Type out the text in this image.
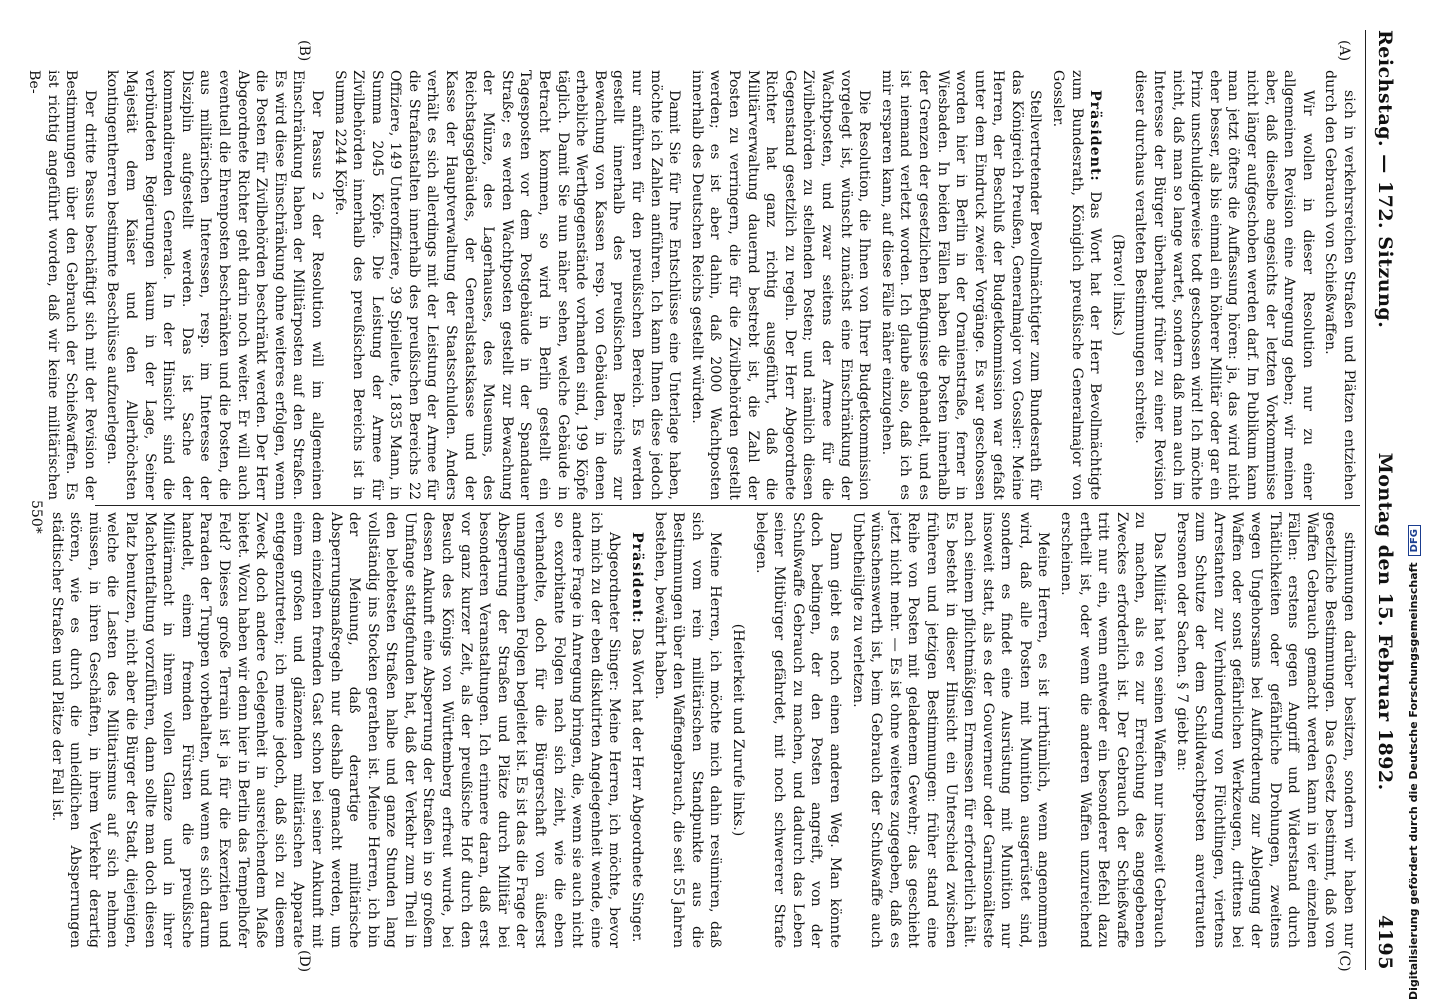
Reichstag. — 172. Sitzung.
Montag den 15. Februar 1892.
4195
(A)
(B)
(C)
(D)

sich in verkehrsreichen Straßen und Plätzen entziehen durch den Gebrauch von Schießwaffen.

Wir wollen in dieser Resolution nur zu einer allgemeinen Revision eine Anregung geben; wir meinen aber, daß dieselbe angesichts der letzten Vorkommnisse nicht länger aufgeschoben werden darf. Im Publikum kann man jetzt öfters die Auffassung hören: ja, das wird nicht eher besser, als bis einmal ein höherer Militär oder gar ein Prinz unschuldigerweise todt geschossen wird! Ich möchte nicht, daß man so lange wartet, sondern daß man auch im Interesse der Bürger überhaupt früher zu einer Revision dieser durchaus veralteten Bestimmungen schreite.

(Bravo! links.)

Präsident: Das Wort hat der Herr Bevollmächtigte zum Bundesrath, Königlich preußische Generalmajor von Gossler.

Stellvertretender Bevollmächtigter zum Bundesrath für das Königreich Preußen, Generalmajor von Gossler: Meine Herren, der Beschluß der Budgetkommission war gefaßt unter dem Eindruck zweier Vorgänge. Es war geschossen worden hier in Berlin in der Oranienstraße, ferner in Wiesbaden. In beiden Fällen haben die Posten innerhalb der Grenzen der gesetzlichen Befugnisse gehandelt, und es ist niemand verletzt worden. Ich glaube also, daß ich es mir ersparen kann, auf diese Fälle näher einzugehen.

Die Resolution, die Ihnen von Ihrer Budgetkommission vorgelegt ist, wünscht zunächst eine Einschränkung der Wachtposten, und zwar seitens der Armee für die Zivilbehörden zu stellenden Posten; und nämlich diesen Gegenstand gesetzlich zu regeln. Der Herr Abgeordnete Richter hat ganz richtig ausgeführt, daß die Militärverwaltung dauernd bestrebt ist, die Zahl der Posten zu verringern, die für die Zivilbehörden gestellt werden; es ist aber dahin, daß 2000 Wachtposten innerhalb des Deutschen Reichs gestellt würden.

Damit Sie für Ihre Entschlüsse eine Unterlage haben, möchte ich Zahlen anführen. Ich kann Ihnen diese jedoch nur anführen für den preußischen Bereich. Es werden gestellt innerhalb des preußischen Bereichs zur Bewachung von Kassen resp. von Gebäuden, in denen erhebliche Werthgegenstände vorhanden sind, 199 Köpfe täglich. Damit Sie nun näher sehen, welche Gebäude in Betracht kommen, so wird in Berlin gestellt ein Tagesposten vor dem Postgebäude in der Spandauer Straße; es werden Wachtposten gestellt zur Bewachung der Münze, des Lagerhauses, des Museums, des Reichstagsgebäudes, der Generalstaatskasse und der Kasse der Hauptverwaltung der Staatsschulden. Anders verhält es sich allerdings mit der Leistung der Armee für die Strafanstalten innerhalb des preußischen Bereichs 22 Offiziere, 149 Unteroffiziere, 39 Spielleute, 1835 Mann, in Summa 2045 Köpfe. Die Leistung der Armee für Zivilbehörden innerhalb des preußischen Bereichs ist in Summa 2244 Köpfe.

Der Passus 2 der Resolution will im allgemeinen Einschränkung haben der Militärposten auf den Straßen. Es wird diese Einschränkung ohne weiteres erfolgen, wenn die Posten für Zivilbehörden beschränkt werden. Der Herr Abgeordnete Richter geht darin noch weiter. Er will auch eventuell die Ehrenposten beschränken und die Posten, die aus militärischen Interessen, resp. im Interesse der Disziplin aufgestellt werden. Das ist Sache der kommandirenden Generale. In der Hinsicht sind die verbündeten Regierungen kaum in der Lage, Seiner Majestät dem Kaiser und den Allerhöchsten kontingentherren bestimmte Beschlüsse aufzuerlegen.

Der dritte Passus beschäftigt sich mit der Revision der Bestimmungen über den Gebrauch der Schießwaffen. Es ist richtig angeführt worden, daß wir keine militärischen Be-

stimmungen darüber besitzen, sondern wir haben nur gesetzliche Bestimmungen. Das Gesetz bestimmt, daß von Waffen Gebrauch gemacht werden kann in vier einzelnen Fällen: erstens gegen Angriff und Widerstand durch Thätlichkeiten oder gefährliche Drohungen, zweitens wegen Ungehorsams bei Aufforderung zur Ablegung der Waffen oder sonst gefährlichen Werkzeugen, drittens bei Arrestanten zur Verhinderung von Flüchtlingen, viertens zum Schutze der dem Schildwachtposten anvertrauten Personen oder Sachen. § 7 giebt an:

Das Militär hat von seinen Waffen nur insoweit Gebrauch zu machen, als es zur Erreichung des angegebenen Zweckes erforderlich ist. Der Gebrauch der Schießwaffe tritt nur ein, wenn entweder ein besonderer Befehl dazu ertheilt ist, oder wenn die anderen Waffen unzureichend erscheinen.

Meine Herren, es ist irrthümlich, wenn angenommen wird, daß alle Posten mit Munition ausgerüstet sind, sondern es findet eine Ausrüstung mit Munition nur insoweit statt, als es der Gouverneur oder Garnisonälteste nach seinem pflichtmäßigen Ermessen für erforderlich hält. Es besteht in dieser Hinsicht ein Unterschied zwischen früheren und jetzigen Bestimmungen: früher stand eine Reihe von Posten mit geladenem Gewehr; das geschieht jetzt nicht mehr. — Es ist ohne weiteres zugegeben, daß es wünschenswerth ist, beim Gebrauch der Schußwaffe auch Unbetheiligte zu verletzen.

Dann giebt es noch einen anderen Weg. Man könnte doch bedingen, der den Posten angreift, von der Schußwaffe Gebrauch zu machen, und dadurch das Leben seiner Mitbürger gefährdet, mit noch schwererer Strafe belegen.

(Heiterkeit und Zurufe links.)

Meine Herren, ich möchte mich dahin resümiren, daß sich vom rein militärischen Standpunkte aus die Bestimmungen über den Waffengebrauch, die seit 55 Jahren bestehen, bewährt haben.

Präsident: Das Wort hat der Herr Abgeordnete Singer.

Abgeordneter Singer: Meine Herren, ich möchte, bevor ich mich zu der eben diskutirten Angelegenheit wende, eine andere Frage in Anregung bringen, die, wenn sie auch nicht so exorbitante Folgen nach sich zieht, wie die eben verhandelte, doch für die Bürgerschaft von äußerst unangenehmen Folgen begleitet ist. Es ist das die Frage der Absperrung der Straßen und Plätze durch Militär bei besonderen Veranstaltungen. Ich erinnere daran, daß erst vor ganz kurzer Zeit, als der preußische Hof durch den Besuch des Königs von Württemberg erfreut wurde, bei dessen Ankunft eine Absperrung der Straßen in so großem Umfange stattgefunden hat, daß der Verkehr zum Theil in den belebtesten Straßen halbe und ganze Stunden lang vollständig ins Stocken gerathen ist. Meine Herren, ich bin der Meinung, daß derartige militärische Absperrungsmaßregeln nur deshalb gemacht werden, um dem einzelnen fremden Gast schon bei seiner Ankunft mit einem großen und glänzenden militärischen Apparate entgegenzutreten; ich meine jedoch, daß sich zu diesem Zweck doch andere Gelegenheit in ausreichendem Maße bietet. Wozu haben wir denn hier in Berlin das Tempelhofer Feld? Dieses große Terrain ist ja für die Exerzitien und Paraden der Truppen vorbehalten, und wenn es sich darum handelt, einem fremden Fürsten die preußische Militärmacht in ihrem vollen Glanze und in ihrer Machtentfaltung vorzuführen, dann sollte man doch diesen Platz benutzen, nicht aber die Bürger der Stadt, diejenigen, welche die Lasten des Militarismus auf sich nehmen müssen, in ihren Geschäften, in ihrem Verkehr derartig stören, wie es durch die unleidlichen Absperrungen städtischer Straßen und Plätze der Fall ist.

550*
Digitalisierung gefördert durch die Deutsche ForschungsgemeinschaftDFG
